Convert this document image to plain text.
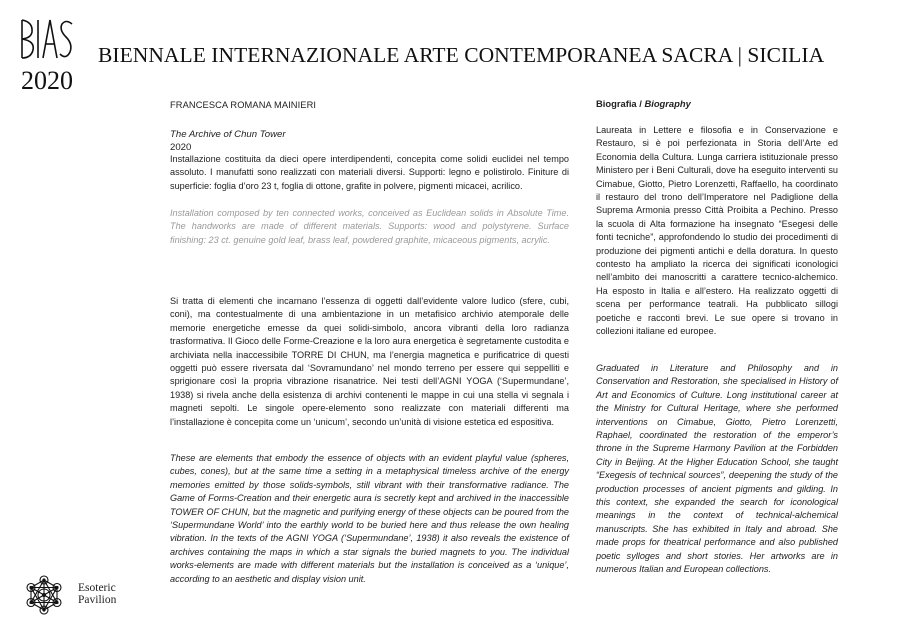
2020
BIENNALE INTERNAZIONALE ARTE CONTEMPORANEA SACRA | SICILIA
FRANCESCA ROMANA MAINIERI
The Archive of Chun Tower
2020

Installazione costituita da dieci opere interdipendenti, concepita come solidi euclidei nel tempo assoluto. I manufatti sono realizzati con materiali diversi. Supporti: legno e polistirolo. Finiture di superficie: foglia d’oro 23 t, foglia di ottone, grafite in polvere, pigmenti micacei, acrilico.

Installation composed by ten connected works, conceived as Euclidean solids in Absolute Time. The handworks are made of different materials. Supports: wood and polystyrene. Surface finishing: 23 ct. genuine gold leaf, brass leaf, powdered graphite, micaceous pigments, acrylic.

Si tratta di elementi che incarnano l’essenza di oggetti dall’evidente valore ludico (sfere, cubi, coni), ma contestualmente di una ambientazione in un metafisico archivio atemporale delle memorie energetiche emesse da quei solidi-simbolo, ancora vibranti della loro radianza trasformativa. Il Gioco delle Forme-Creazione e la loro aura energetica è segretamente custodita e archiviata nella inaccessibile TORRE DI CHUN, ma l’energia magnetica e purificatrice di questi oggetti può essere riversata dal ‘Sovramundano’ nel mondo terreno per essere qui seppelliti e sprigionare così la propria vibrazione risanatrice. Nei testi dell’AGNI YOGA (‘Supermundane’, 1938) si rivela anche della esistenza di archivi contenenti le mappe in cui una stella vi segnala i magneti sepolti. Le singole opere-elemento sono realizzate con materiali differenti ma l’installazione è concepita come un ‘unicum’, secondo un’unità di visione estetica ed espositiva.

These are elements that embody the essence of objects with an evident playful value (spheres, cubes, cones), but at the same time a setting in a metaphysical timeless archive of the energy memories emitted by those solids-symbols, still vibrant with their transformative radiance. The Game of Forms-Creation and their energetic aura is secretly kept and archived in the inaccessible TOWER OF CHUN, but the magnetic and purifying energy of these objects can be poured from the ‘Supermundane World’ into the earthly world to be buried here and thus release the own healing vibration. In the texts of the AGNI YOGA (‘Supermundane’, 1938) it also reveals the existence of archives containing the maps in which a star signals the buried magnets to you. The individual works-elements are made with different materials but the installation is conceived as a ‘unique’, according to an aesthetic and display vision unit.

Biografia / Biography

Laureata in Lettere e filosofia e in Conservazione e Restauro, si è poi perfezionata in Storia dell’Arte ed Economia della Cultura. Lunga carriera istituzionale presso Ministero per i Beni Culturali, dove ha eseguito interventi su Cimabue, Giotto, Pietro Lorenzetti, Raffaello, ha coordinato il restauro del trono dell’Imperatore nel Padiglione della Suprema Armonia presso Città Proibita a Pechino. Presso la scuola di Alta formazione ha insegnato “Esegesi delle fonti tecniche”, approfondendo lo studio dei procedimenti di produzione dei pigmenti antichi e della doratura. In questo contesto ha ampliato la ricerca dei significati iconologici nell’ambito dei manoscritti a carattere tecnico-alchemico. Ha esposto in Italia e all’estero. Ha realizzato oggetti di scena per performance teatrali. Ha pubblicato sillogi poetiche e racconti brevi. Le sue opere si trovano in collezioni italiane ed europee.

Graduated in Literature and Philosophy and in Conservation and Restoration, she specialised in History of Art and Economics of Culture. Long institutional career at the Ministry for Cultural Heritage, where she performed interventions on Cimabue, Giotto, Pietro Lorenzetti, Raphael, coordinated the restoration of the emperor’s throne in the Supreme Harmony Pavilion at the Forbidden City in Beijing. At the Higher Education School, she taught “Exegesis of technical sources”, deepening the study of the production processes of ancient pigments and gilding. In this context, she expanded the search for iconological meanings in the context of technical-alchemical manuscripts. She has exhibited in Italy and abroad. She made props for theatrical performance and also published poetic sylloges and short stories. Her artworks are in numerous Italian and European collections.

Esoteric
Pavilion
